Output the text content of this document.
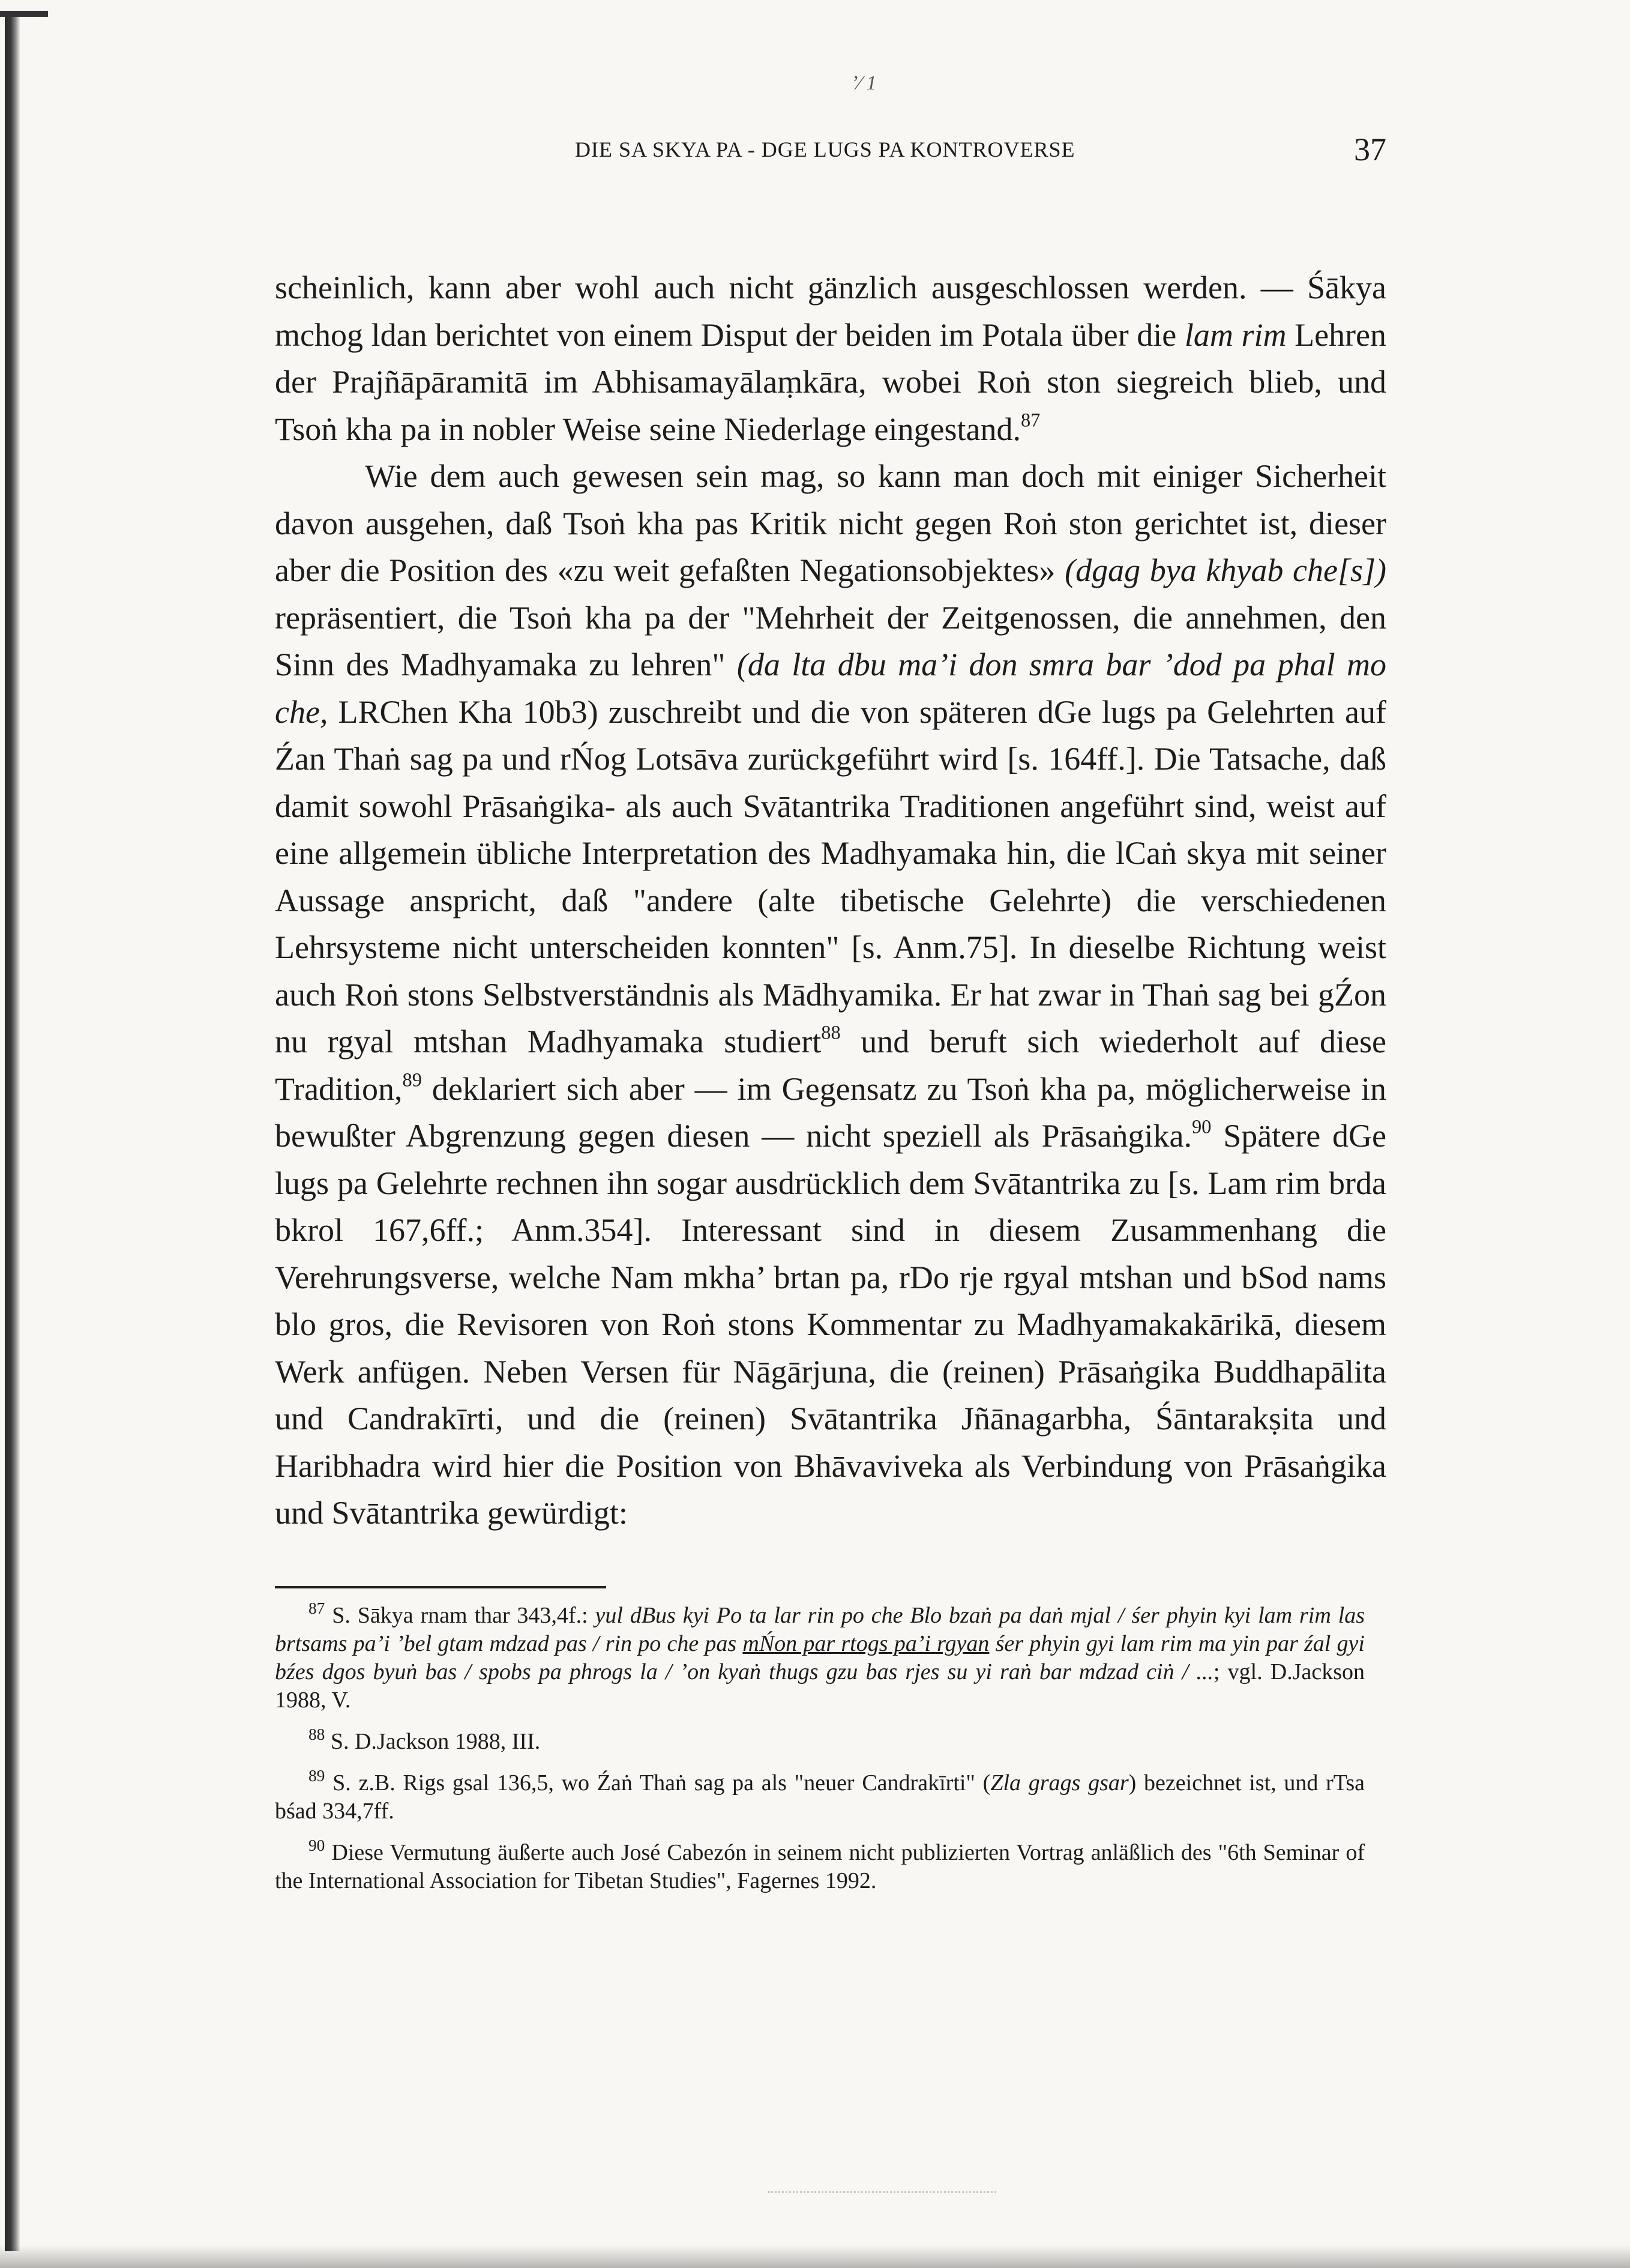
ʼ⁄ 1
DIE SA SKYA PA - DGE LUGS PA KONTROVERSE	37

scheinlich, kann aber wohl auch nicht gänzlich ausgeschlossen werden. — Śākya mchog ldan berichtet von einem Disput der beiden im Potala über die lam rim Lehren der Prajñāpāramitā im Abhisamayālaṃkāra, wobei Roṅ ston siegreich blieb, und Tsoṅ kha pa in nobler Weise seine Niederlage eingestand.$^{87}$

Wie dem auch gewesen sein mag, so kann man doch mit einiger Sicherheit davon ausgehen, daß Tsoṅ kha pas Kritik nicht gegen Roṅ ston gerichtet ist, dieser aber die Position des «zu weit gefaßten Negationsobjektes» (dgag bya khyab che[s]) repräsentiert, die Tsoṅ kha pa der "Mehrheit der Zeitgenossen, die annehmen, den Sinn des Madhyamaka zu lehren" (da lta dbu ma’i don smra bar ’dod pa phal mo che, LRChen Kha 10b3) zuschreibt und die von späteren dGe lugs pa Gelehrten auf Źan Thaṅ sag pa und rŃog Lotsāva zurückgeführt wird [s. 164ff.]. Die Tatsache, daß damit sowohl Prāsaṅgika- als auch Svātantrika Traditionen angeführt sind, weist auf eine allgemein übliche Interpretation des Madhyamaka hin, die lCaṅ skya mit seiner Aussage anspricht, daß "andere (alte tibetische Gelehrte) die verschiedenen Lehrsysteme nicht unterscheiden konnten" [s. Anm.75]. In dieselbe Richtung weist auch Roṅ stons Selbstverständnis als Mādhyamika. Er hat zwar in Thaṅ sag bei gŹon nu rgyal mtshan Madhyamaka studiert$^{88}$ und beruft sich wiederholt auf diese Tradition,$^{89}$ deklariert sich aber — im Gegensatz zu Tsoṅ kha pa, möglicherweise in bewußter Abgrenzung gegen diesen — nicht speziell als Prāsaṅgika.$^{90}$ Spätere dGe lugs pa Gelehrte rechnen ihn sogar ausdrücklich dem Svātantrika zu [s. Lam rim brda bkrol 167,6ff.; Anm.354]. Interessant sind in diesem Zusammenhang die Verehrungsverse, welche Nam mkha’ brtan pa, rDo rje rgyal mtshan und bSod nams blo gros, die Revisoren von Roṅ stons Kommentar zu Madhyamakakārikā, diesem Werk anfügen. Neben Versen für Nāgārjuna, die (reinen) Prāsaṅgika Buddhapālita und Candrakīrti, und die (reinen) Svātantrika Jñānagarbha, Śāntarakṣita und Haribhadra wird hier die Position von Bhāvaviveka als Verbindung von Prāsaṅgika und Svātantrika gewürdigt:

$^{87}$ S. Sākya rnam thar 343,4f.: yul dBus kyi Po ta lar rin po che Blo bzaṅ pa daṅ mjal / śer phyin kyi lam rim las brtsams pa’i ’bel gtam mdzad pas / rin po che pas mŃon par rtogs pa’i rgyan śer phyin gyi lam rim ma yin par źal gyi bźes dgos byuṅ bas / spobs pa phrogs la / ’on kyaṅ thugs gzu bas rjes su yi raṅ bar mdzad ciṅ / ...; vgl. D.Jackson 1988, V.

$^{88}$ S. D.Jackson 1988, III.

$^{89}$ S. z.B. Rigs gsal 136,5, wo Źaṅ Thaṅ sag pa als "neuer Candrakīrti" (Zla grags gsar) bezeichnet ist, und rTsa bśad 334,7ff.

$^{90}$ Diese Vermutung äußerte auch José Cabezón in seinem nicht publizierten Vortrag anläßlich des "6th Seminar of the International Association for Tibetan Studies", Fagernes 1992.
